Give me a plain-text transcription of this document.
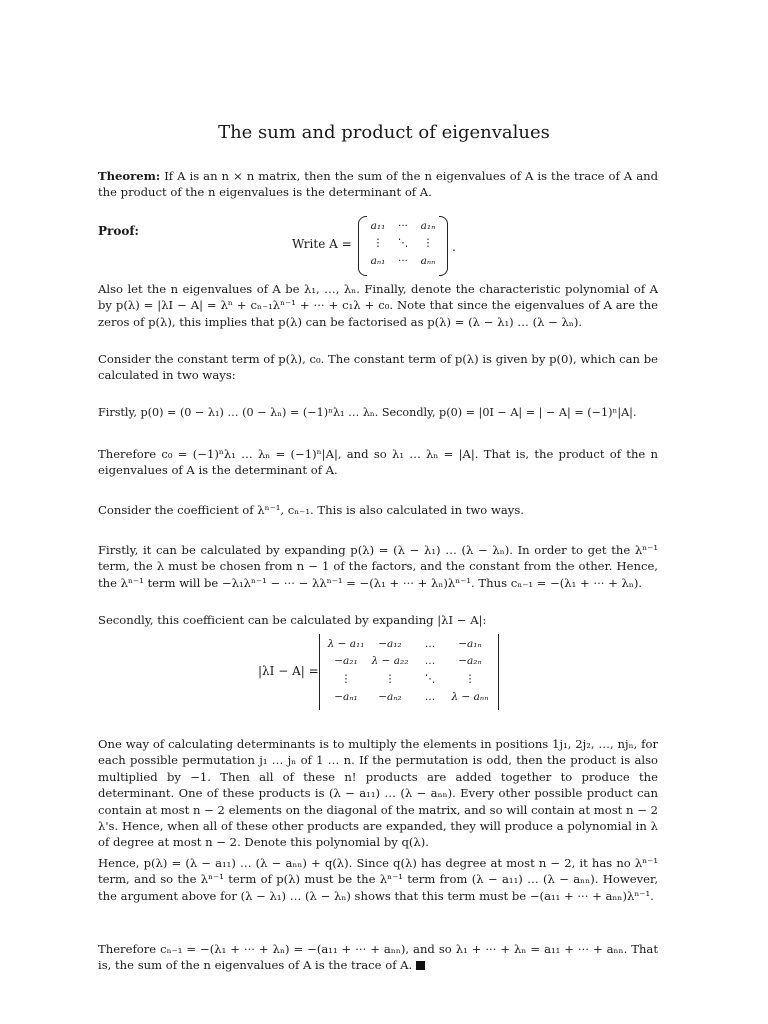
The sum and product of eigenvalues

Theorem: If A is an n × n matrix, then the sum of the n eigenvalues of A is the trace of A and the product of the n eigenvalues is the determinant of A.

Proof:
Write A =
a₁₁	···	a₁ₙ
⋮	⋱	⋮
aₙ₁	···	aₙₙ
.

Also let the n eigenvalues of A be λ₁, …, λₙ. Finally, denote the characteristic polynomial of A by p(λ) = |λI − A| = λⁿ + cₙ₋₁λⁿ⁻¹ + ··· + c₁λ + c₀. Note that since the eigenvalues of A are the zeros of p(λ), this implies that p(λ) can be factorised as p(λ) = (λ − λ₁) … (λ − λₙ).

Consider the constant term of p(λ), c₀. The constant term of p(λ) is given by p(0), which can be calculated in two ways:

Firstly, p(0) = (0 − λ₁) … (0 − λₙ) = (−1)ⁿλ₁ … λₙ. Secondly, p(0) = |0I − A| = | − A| = (−1)ⁿ|A|.

Therefore c₀ = (−1)ⁿλ₁ … λₙ = (−1)ⁿ|A|, and so λ₁ … λₙ = |A|. That is, the product of the n eigenvalues of A is the determinant of A.

Consider the coefficient of λⁿ⁻¹, cₙ₋₁. This is also calculated in two ways.

Firstly, it can be calculated by expanding p(λ) = (λ − λ₁) … (λ − λₙ). In order to get the λⁿ⁻¹ term, the λ must be chosen from n − 1 of the factors, and the constant from the other. Hence, the λⁿ⁻¹ term will be −λ₁λⁿ⁻¹ − ··· − λλⁿ⁻¹ = −(λ₁ + ··· + λₙ)λⁿ⁻¹. Thus cₙ₋₁ = −(λ₁ + ··· + λₙ).

Secondly, this coefficient can be calculated by expanding |λI − A|:

|λI − A| =
λ − a₁₁	−a₁₂	…	−a₁ₙ
−a₂₁	λ − a₂₂	…	−a₂ₙ
⋮	⋮	⋱	⋮
−aₙ₁	−aₙ₂	…	λ − aₙₙ

One way of calculating determinants is to multiply the elements in positions 1j₁, 2j₂, …, njₙ, for each possible permutation j₁ … jₙ of 1 … n. If the permutation is odd, then the product is also multiplied by −1. Then all of these n! products are added together to produce the determinant. One of these products is (λ − a₁₁) … (λ − aₙₙ). Every other possible product can contain at most n − 2 elements on the diagonal of the matrix, and so will contain at most n − 2 λ's. Hence, when all of these other products are expanded, they will produce a polynomial in λ of degree at most n − 2. Denote this polynomial by q(λ).

Hence, p(λ) = (λ − a₁₁) … (λ − aₙₙ) + q(λ). Since q(λ) has degree at most n − 2, it has no λⁿ⁻¹ term, and so the λⁿ⁻¹ term of p(λ) must be the λⁿ⁻¹ term from (λ − a₁₁) … (λ − aₙₙ). However, the argument above for (λ − λ₁) … (λ − λₙ) shows that this term must be −(a₁₁ + ··· + aₙₙ)λⁿ⁻¹.

Therefore cₙ₋₁ = −(λ₁ + ··· + λₙ) = −(a₁₁ + ··· + aₙₙ), and so λ₁ + ··· + λₙ = a₁₁ + ··· + aₙₙ. That is, the sum of the n eigenvalues of A is the trace of A.
